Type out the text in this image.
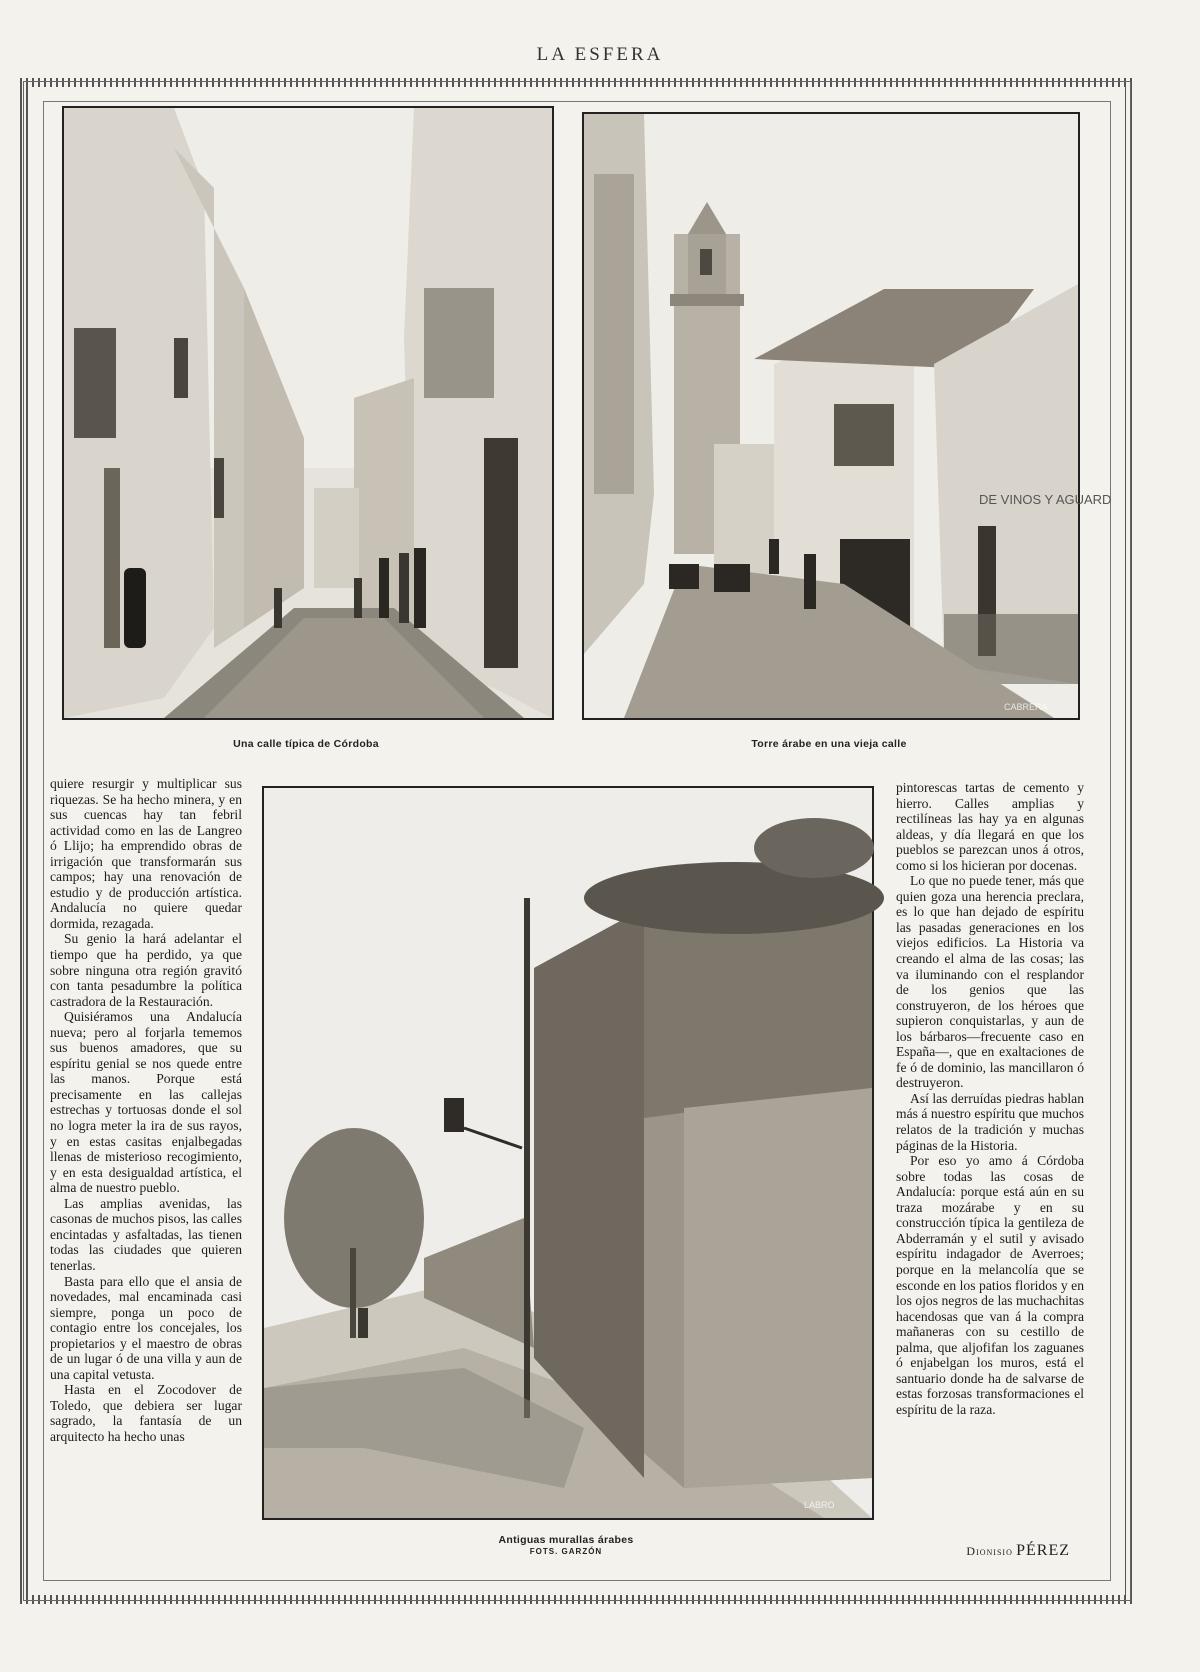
LA ESFERA
Una calle típica de Córdoba
DE VINOS Y AGUARD
CABRERA
Torre árabe en una vieja calle

quiere resurgir y multiplicar sus riquezas. Se ha hecho minera, y en sus cuencas hay tan febril actividad como en las de Langreo ó Llijo; ha emprendido obras de irrigación que transformarán sus campos; hay una renovación de estudio y de producción artística. Andalucía no quiere quedar dormida, rezagada.

Su genio la hará adelantar el tiempo que ha perdido, ya que sobre ninguna otra región gravitó con tanta pesadumbre la política castradora de la Restauración.

Quisiéramos una Andalucía nueva; pero al forjarla tememos sus buenos amadores, que su espíritu genial se nos quede entre las manos. Porque está precisamente en las callejas estrechas y tortuosas donde el sol no logra meter la ira de sus rayos, y en estas casitas enjalbegadas llenas de misterioso recogimiento, y en esta desigualdad artística, el alma de nuestro pueblo.

Las amplias avenidas, las casonas de muchos pisos, las calles encintadas y asfaltadas, las tienen todas las ciudades que quieren tenerlas.

Basta para ello que el ansia de novedades, mal encaminada casi siempre, ponga un poco de contagio entre los concejales, los propietarios y el maestro de obras de un lugar ó de una villa y aun de una capital vetusta.

Hasta en el Zocodover de Toledo, que debiera ser lugar sagrado, la fantasía de un arquitecto ha hecho unas

LABRO
Antiguas murallas árabes
FOTS. GARZÓN

pintorescas tartas de cemento y hierro. Calles amplias y rectilíneas las hay ya en algunas aldeas, y día llegará en que los pueblos se parezcan unos á otros, como si los hicieran por docenas.

Lo que no puede tener, más que quien goza una herencia preclara, es lo que han dejado de espíritu las pasadas generaciones en los viejos edificios. La Historia va creando el alma de las cosas; las va iluminando con el resplandor de los genios que las construyeron, de los héroes que supieron conquistarlas, y aun de los bárbaros—frecuente caso en España—, que en exaltaciones de fe ó de dominio, las mancillaron ó destruyeron.

Así las derruídas piedras hablan más á nuestro espíritu que muchos relatos de la tradición y muchas páginas de la Historia.

Por eso yo amo á Córdoba sobre todas las cosas de Andalucía: porque está aún en su traza mozárabe y en su construcción típica la gentileza de Abderramán y el sutil y avisado espíritu indagador de Averroes; porque en la melancolía que se esconde en los patios floridos y en los ojos negros de las muchachitas hacendosas que van á la compra mañaneras con su cestillo de palma, que aljofifan los zaguanes ó enjabelgan los muros, está el santuario donde ha de salvarse de estas forzosas transformaciones el espíritu de la raza.

Dionisio PÉREZ
